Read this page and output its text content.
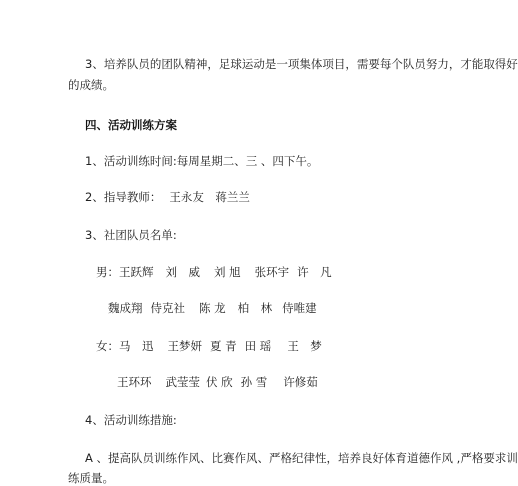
3、培养队员的团队精神，足球运动是一项集体项目，需要每个队员努力，才能取得好
的成绩。
四、活动训练方案
1、活动训练时间:每周星期二、三 、四下午。
2、指导教师： 王永友　蒋兰兰
3、社团队员名单:
男：王跃辉 刘　威 刘 旭 张环宇 许　凡
魏成翔 侍克社 陈 龙 柏　林 侍唯建
女：马　迅 王梦妍 夏 青 田 瑶 王　梦
王环环 武莹莹 伏 欣 孙 雪 许修茹
4、活动训练措施:
A 、提高队员训练作风、比赛作风、严格纪律性，培养良好体育道德作风 ,严格要求训
练质量。
